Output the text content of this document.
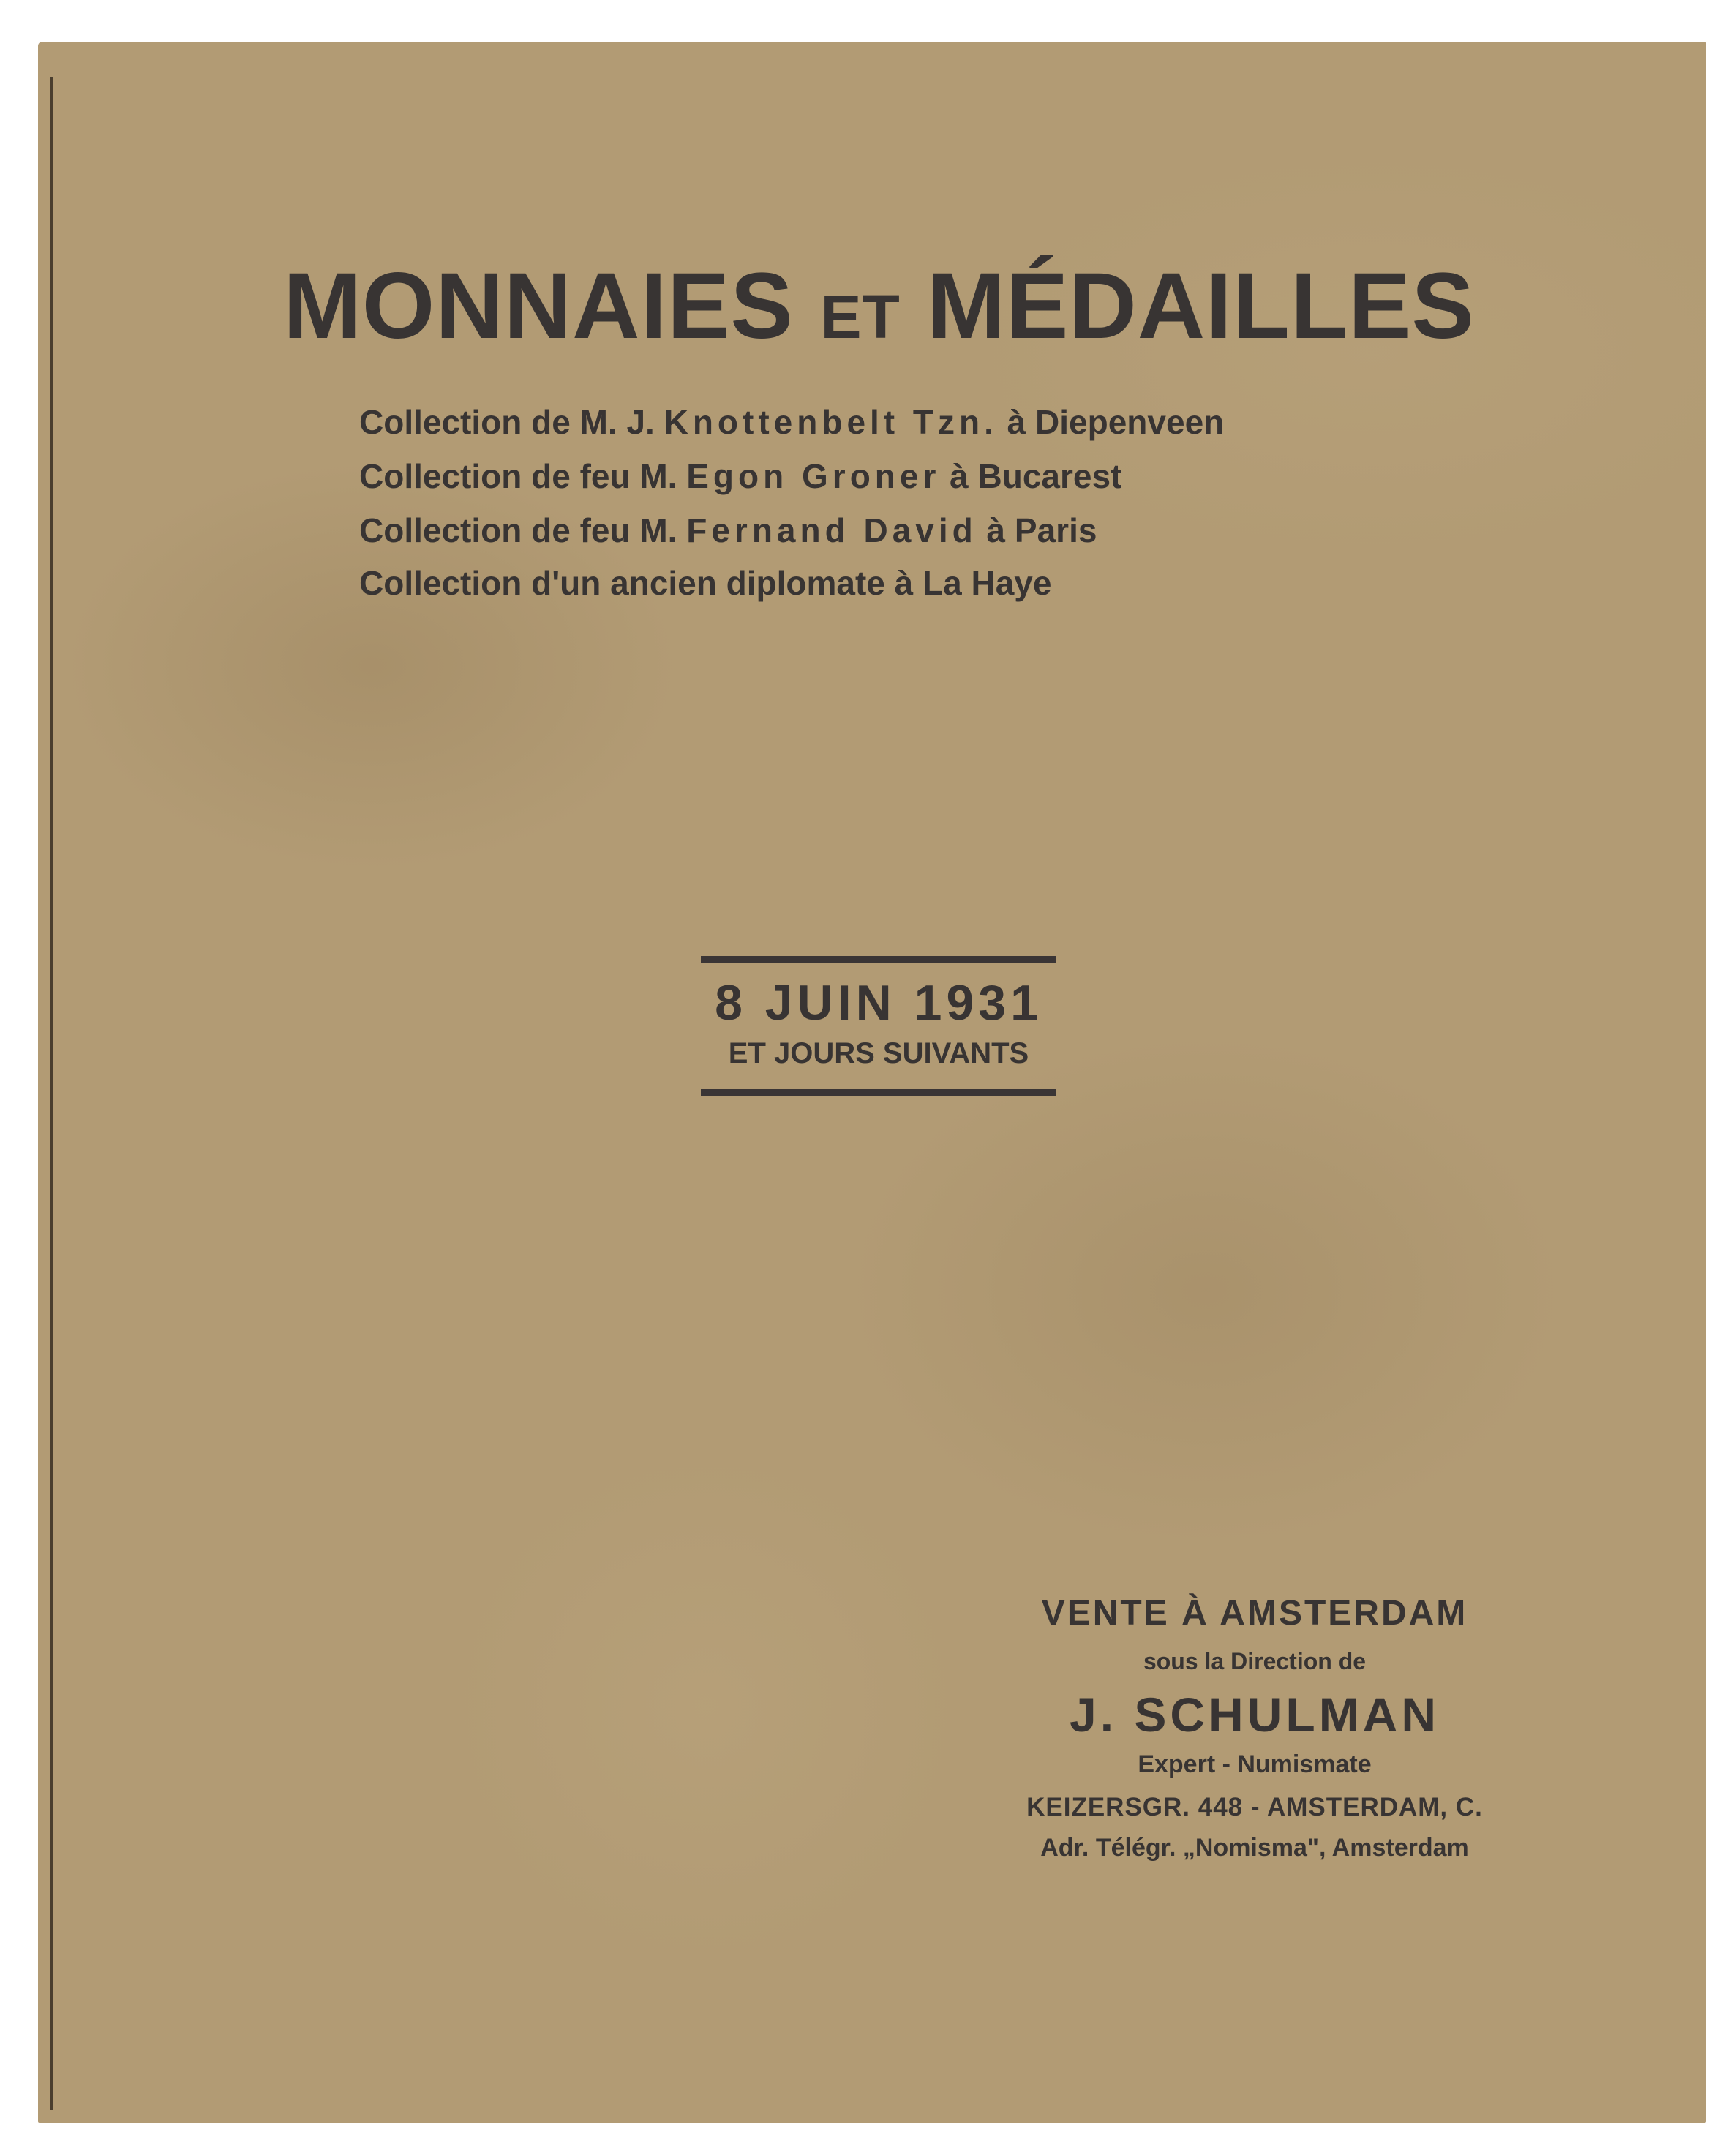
MONNAIES ET MÉDAILLES
Collection de M. J. Knottenbelt Tzn. à Diepenveen
Collection de feu M. Egon Groner à Bucarest
Collection de feu M. Fernand David à Paris
Collection d'un ancien diplomate à La Haye
8 JUIN 1931
ET JOURS SUIVANTS
VENTE À AMSTERDAM
sous la Direction de
J. SCHULMAN
Expert - Numismate
KEIZERSGR. 448 - AMSTERDAM, C.
Adr. Télégr. „Nomisma", Amsterdam
